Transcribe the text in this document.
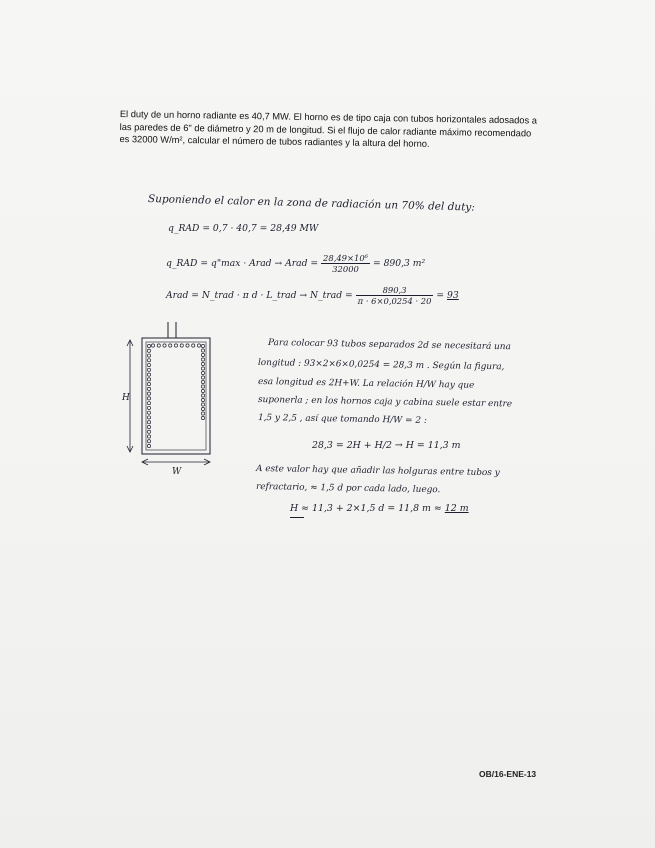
El duty de un horno radiante es 40,7 MW. El horno es de tipo caja con tubos horizontales adosados a

las paredes de 6" de diámetro y 20 m de longitud. Si el flujo de calor radiante máximo recomendado

es 32000 W/m², calcular el número de tubos radiantes y la altura del horno.

Suponiendo el calor en la zona de radiación un 70% del duty:
q_RAD = 0,7 · 40,7 = 28,49 MW
q_RAD = q"max · Arad → Arad = $\frac{\text{28,49×10⁶}}{32000} = 890,3$ m²
Arad = N_trad · π d · L_trad → N_trad = $\frac{890,3}{\pi \cdot 6\times 0,0254 \cdot 20} = 93$
H
W
Para colocar 93 tubos separados 2d se necesitará una
longitud : 93×2×6×0,0254 = 28,3 m . Según la figura,
esa longitud es 2H+W. La relación H/W hay que
suponerla ; en los hornos caja y cabina suele estar entre
1,5 y 2,5 , así que tomando H/W = 2 :
28,3 = 2H + H/2 → H = 11,3 m
A este valor hay que añadir las holguras entre tubos y
refractario, ≈ 1,5 d por cada lado, luego.
H ≈ 11,3 + 2×1,5 d = 11,8 m ≈ 12 m
OB/16-ENE-13
